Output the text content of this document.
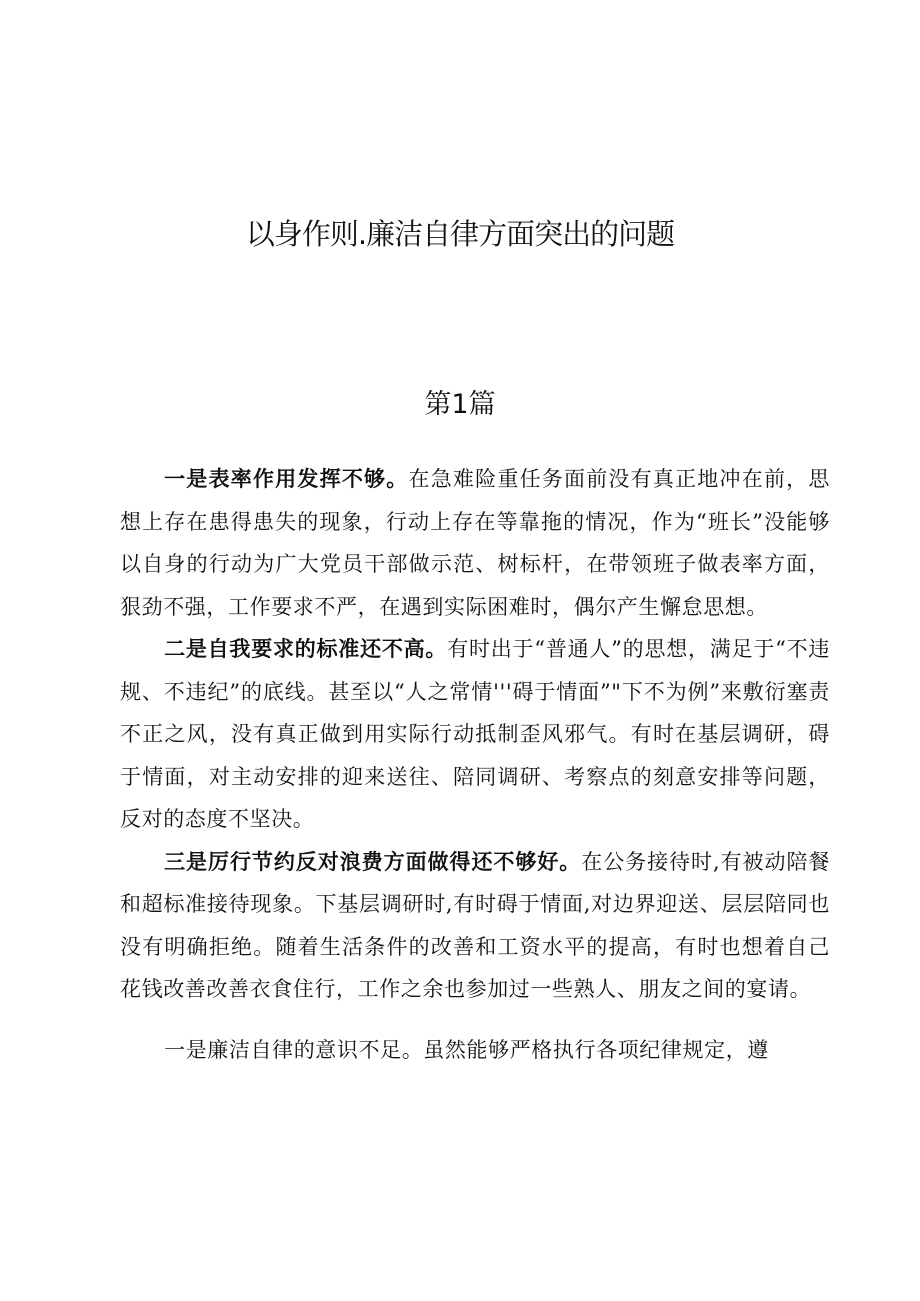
以身作则.廉洁自律方面突出的问题
第1篇

一是表率作用发挥不够。在急难险重任务面前没有真正地冲在前，思想上存在患得患失的现象，行动上存在等靠拖的情况，作为“班长”没能够以自身的行动为广大党员干部做示范、树标杆，在带领班子做表率方面，狠劲不强，工作要求不严，在遇到实际困难时，偶尔产生懈怠思想。

二是自我要求的标准还不高。有时出于“普通人”的思想，满足于“不违规、不违纪”的底线。甚至以“人之常情'''碍于情面”"下不为例”来敷衍塞责不正之风，没有真正做到用实际行动抵制歪风邪气。有时在基层调研，碍于情面，对主动安排的迎来送往、陪同调研、考察点的刻意安排等问题，反对的态度不坚决。

三是厉行节约反对浪费方面做得还不够好。在公务接待时,有被动陪餐和超标准接待现象。下基层调研时,有时碍于情面,对边界迎送、层层陪同也没有明确拒绝。随着生活条件的改善和工资水平的提高，有时也想着自己花钱改善改善衣食住行，工作之余也参加过一些熟人、朋友之间的宴请。

一是廉洁自律的意识不足。虽然能够严格执行各项纪律规定，遵
